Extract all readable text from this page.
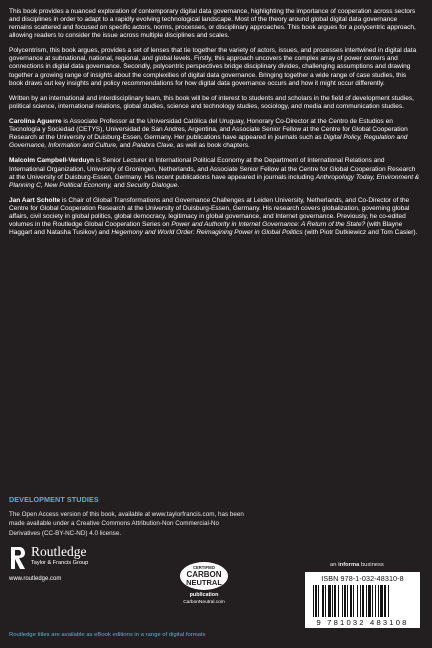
This book provides a nuanced exploration of contemporary digital data governance, highlighting the importance of cooperation across sectors and disciplines in order to adapt to a rapidly evolving technological landscape. Most of the theory around global digital data governance remains scattered and focused on specific actors, norms, processes, or disciplinary approaches. This book argues for a polycentric approach, allowing readers to consider the issue across multiple disciplines and scales.

Polycentrism, this book argues, provides a set of lenses that tie together the variety of actors, issues, and processes intertwined in digital data governance at subnational, national, regional, and global levels. Firstly, this approach uncovers the complex array of power centers and connections in digital data governance. Secondly, polycentric perspectives bridge disciplinary divides, challenging assumptions and drawing together a growing range of insights about the complexities of digital data governance. Bringing together a wide range of case studies, this book draws out key insights and policy recommendations for how digital data governance occurs and how it might occur differently.

Written by an international and interdisciplinary team, this book will be of interest to students and scholars in the field of development studies, political science, international relations, global studies, science and technology studies, sociology, and media and communication studies.

Carolina Aguerre is Associate Professor at the Universidad Católica del Uruguay, Honorary Co-Director at the Centro de Estudios en Tecnología y Sociedad (CETYS), Universidad de San Andres, Argentina, and Associate Senior Fellow at the Centre for Global Cooperation Research at the University of Duisburg-Essen, Germany. Her publications have appeared in journals such as Digital Policy, Regulation and Governance, Information and Culture, and Palabra Clave, as well as book chapters.

Malcolm Campbell-Verduyn is Senior Lecturer in International Political Economy at the Department of International Relations and International Organization, University of Groningen, Netherlands, and Associate Senior Fellow at the Centre for Global Cooperation Research at the University of Duisburg-Essen, Germany. His recent publications have appeared in journals including Anthropology Today, Environment & Planning C, New Political Economy, and Security Dialogue.

Jan Aart Scholte is Chair of Global Transformations and Governance Challenges at Leiden University, Netherlands, and Co-Director of the Centre for Global Cooperation Research at the University of Duisburg-Essen, Germany. His research covers globalization, governing global affairs, civil society in global politics, global democracy, legitimacy in global governance, and Internet governance. Previously, he co-edited volumes in the Routledge Global Cooperation Series on Power and Authority in Internet Governance: A Return of the State? (with Blayne Haggart and Natasha Tusikov) and Hegemony and World Order: Reimagining Power in Global Politics (with Piotr Dutkiewicz and Tom Casier).

DEVELOPMENT STUDIES
The Open Access version of this book, available at www.taylorfrancis.com, has been made available under a Creative Commons Attribution-Non Commercial-No Derivatives (CC-BY-NC-ND) 4.0 license.
Routledge
Taylor & Francis Group
www.routledge.com
CERTIFIED
CARBON
NEUTRAL
publication
CarbonNeutral.com
an informa business
ISBN 978-1-032-48310-8
9 781032 483108
Routledge titles are available as eBook editions in a range of digital formats
